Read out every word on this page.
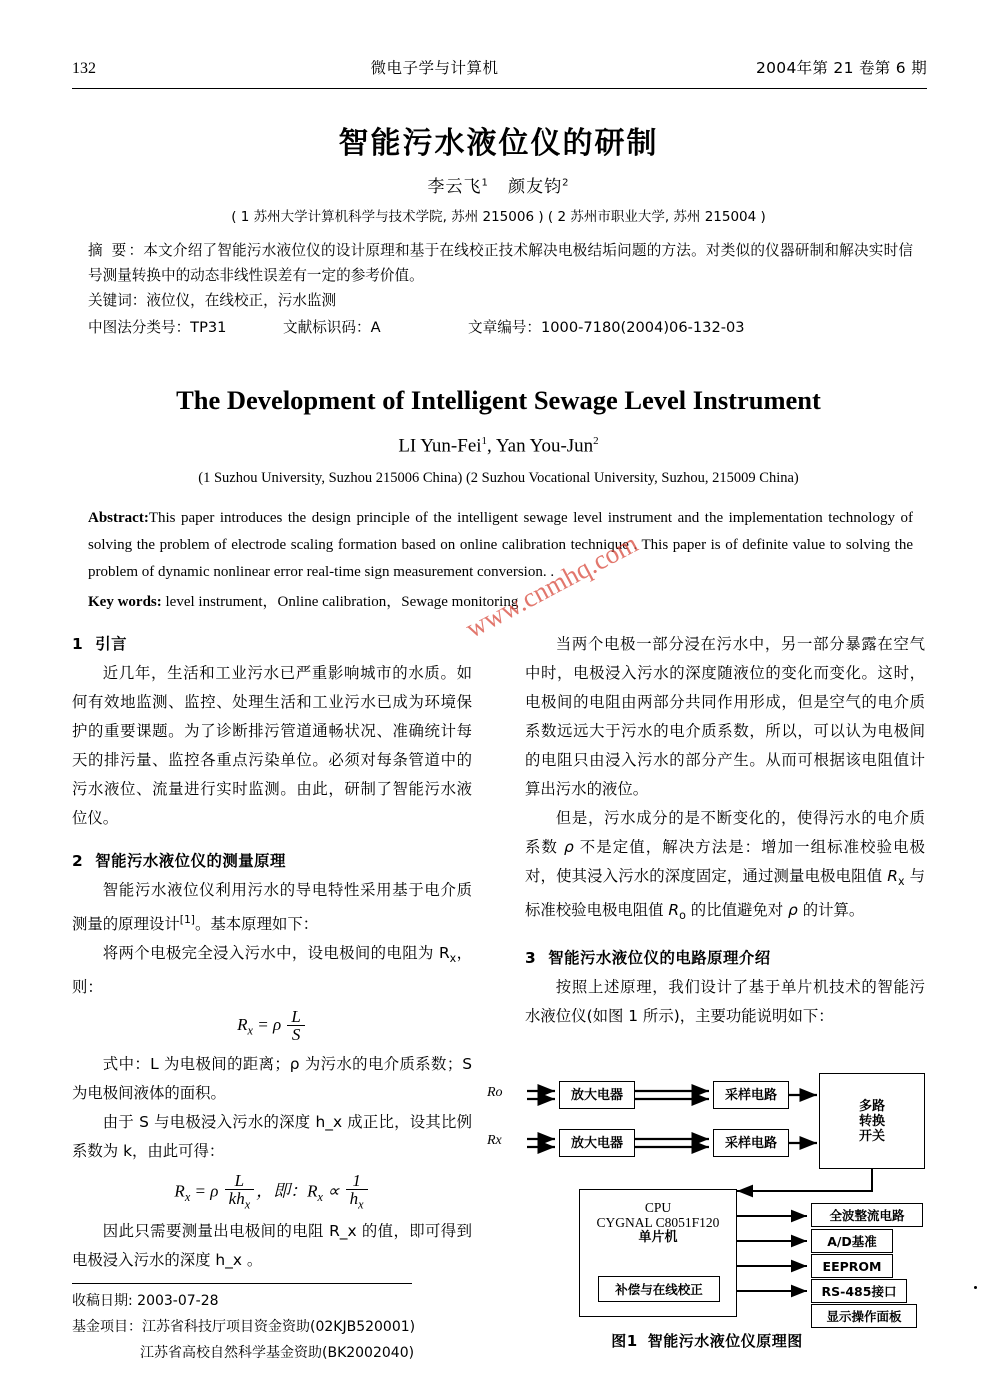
132	微电子学与计算机	2004年第 21 卷第 6 期
智能污水液位仪的研制
李云飞$^1$ 颜友钧$^2$
( 1 苏州大学计算机科学与技术学院, 苏州 215006 ) ( 2 苏州市职业大学, 苏州 215004 )

摘 要：本文介绍了智能污水液位仪的设计原理和基于在线校正技术解决电极结垢问题的方法。对类似的仪器研制和解决实时信号测量转换中的动态非线性误差有一定的参考价值。

关键词：液位仪，在线校正，污水监测

中图法分类号：TP31	文献标识码：A	文章编号：1000-7180(2004)06-132-03
The Development of Intelligent Sewage Level Instrument
LI Yun-Fei$^1$, Yan You-Jun$^2$
(1 Suzhou University, Suzhou 215006 China) (2 Suzhou Vocational University, Suzhou, 215009 China)

Abstract:This paper introduces the design principle of the intelligent sewage level instrument and the implementation technology of solving the problem of electrode scaling formation based on online calibration technique . This paper is of definite value to solving the problem of dynamic nonlinear error real-time sign measurement conversion. .

Key words: level instrument，Online calibration，Sewage monitoring

www.cnmhq.com

1 引言

近几年，生活和工业污水已严重影响城市的水质。如何有效地监测、监控、处理生活和工业污水已成为环境保护的重要课题。为了诊断排污管道通畅状况、准确统计每天的排污量、监控各重点污染单位。必须对每条管道中的污水液位、流量进行实时监测。由此，研制了智能污水液位仪。

2 智能污水液位仪的测量原理

智能污水液位仪利用污水的导电特性采用基于电介质测量的原理设计[1]。基本原理如下：

将两个电极完全浸入污水中，设电极间的电阻为 $R_x$，则：

$R_x = \rho \frac{L}{S}$

式中：L 为电极间的距离；ρ 为污水的电介质系数；S 为电极间液体的面积。

由于 S 与电极浸入污水的深度 h_x 成正比，设其比例系数为 k，由此可得：

$R_x = \rho \frac{L}{kh_x}$ ，即：$R_x \propto \frac{1}{h_x}$

因此只需要测量出电极间的电阻 R_x 的值，即可得到电极浸入污水的深度 h_x 。

收稿日期: 2003-07-28

基金项目：江苏省科技厅项目资金资助(02KJB520001)

江苏省高校自然科学基金资助(BK2002040)

当两个电极一部分浸在污水中，另一部分暴露在空气中时，电极浸入污水的深度随液位的变化而变化。这时，电极间的电阻由两部分共同作用形成，但是空气的电介质系数远远大于污水的电介质系数，所以，可以认为电极间的电阻只由浸入污水的部分产生。从而可根据该电阻值计算出污水的液位。

但是，污水成分的是不断变化的，使得污水的电介质系数 ρ 不是定值，解决方法是：增加一组标准校验电极对，使其浸入污水的深度固定，通过测量电极电阻值 $R_x$ 与标准校验电极电阻值 $R_o$ 的比值避免对 ρ 的计算。

3 智能污水液位仪的电路原理介绍

按照上述原理，我们设计了基于单片机技术的智能污水液位仪(如图 1 所示)，主要功能说明如下：

Ro
Rx
放大电器
放大电器
采样电路
采样电路
多路
转换
开关
CPU
CYGNAL C8051F120
单片机
补偿与在线校正
全波整流电路
A/D基准
EEPROM
RS-485接口
显示操作面板
图1 智能污水液位仪原理图
